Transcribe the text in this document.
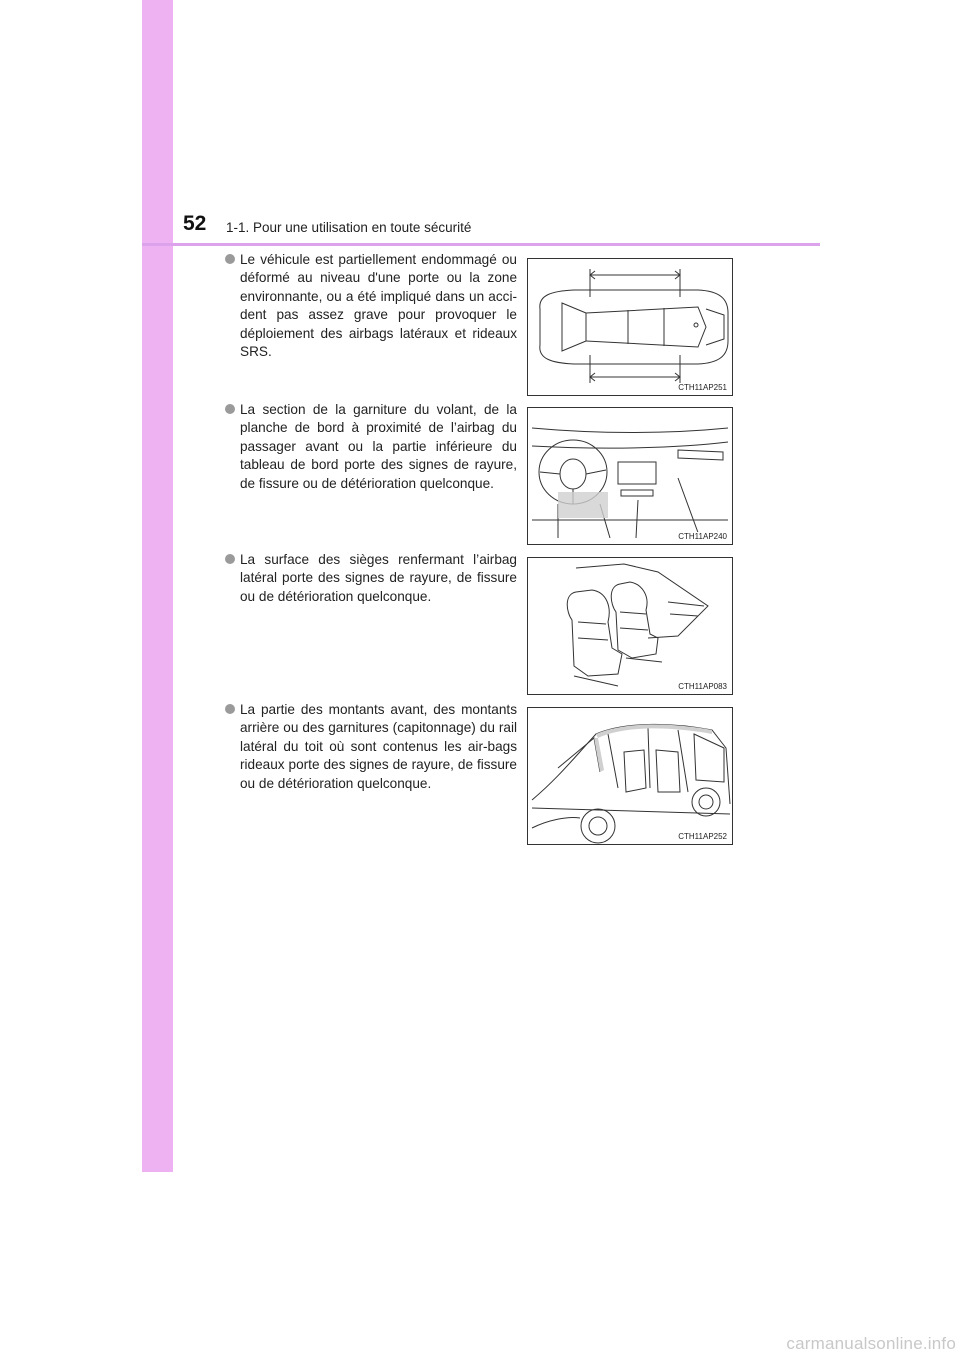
52 1-1. Pour une utilisation en toute sécurité
Le véhicule est partiellement endommagé ou déformé au niveau d'une porte ou la zone environnante, ou a été impliqué dans un acci-dent pas assez grave pour provoquer le déploiement des airbags latéraux et rideaux SRS.
CTH11AP251
La section de la garniture du volant, de la planche de bord à proximité de l’airbag du passager avant ou la partie inférieure du tableau de bord porte des signes de rayure, de fissure ou de détérioration quelconque.
CTH11AP240
La surface des sièges renfermant l’airbag latéral porte des signes de rayure, de fissure ou de détérioration quelconque.
CTH11AP083
La partie des montants avant, des montants arrière ou des garnitures (capitonnage) du rail latéral du toit où sont contenus les air-bags rideaux porte des signes de rayure, de fissure ou de détérioration quelconque.
CTH11AP252
carmanualsonline.info
